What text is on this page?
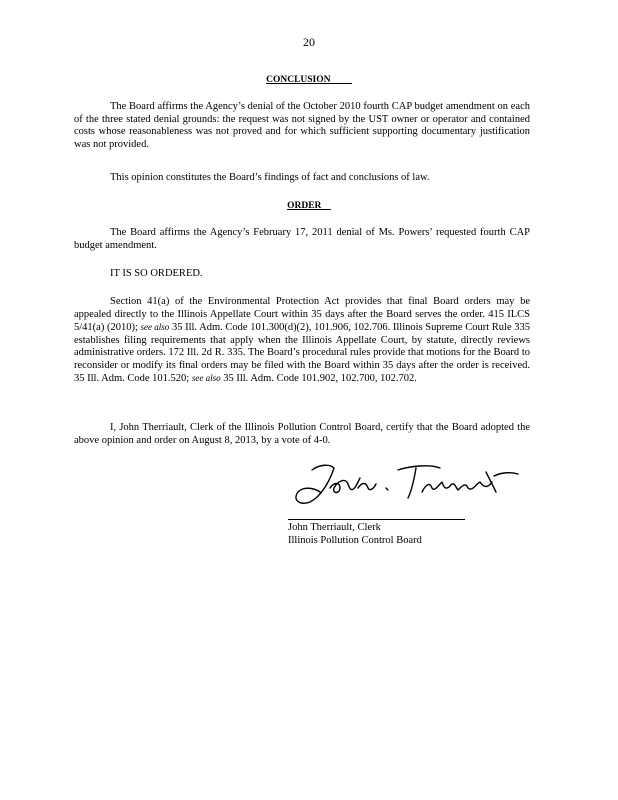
20
CONCLUSION
The Board affirms the Agency’s denial of the October 2010 fourth CAP budget amendment on each of the three stated denial grounds: the request was not signed by the UST owner or operator and contained costs whose reasonableness was not proved and for which sufficient supporting documentary justification was not provided.
This opinion constitutes the Board’s findings of fact and conclusions of law.
ORDER
The Board affirms the Agency’s February 17, 2011 denial of Ms. Powers’ requested fourth CAP budget amendment.
IT IS SO ORDERED.
Section 41(a) of the Environmental Protection Act provides that final Board orders may be appealed directly to the Illinois Appellate Court within 35 days after the Board serves the order. 415 ILCS 5/41(a) (2010); see also 35 Ill. Adm. Code 101.300(d)(2), 101.906, 102.706. Illinois Supreme Court Rule 335 establishes filing requirements that apply when the Illinois Appellate Court, by statute, directly reviews administrative orders. 172 Ill. 2d R. 335. The Board’s procedural rules provide that motions for the Board to reconsider or modify its final orders may be filed with the Board within 35 days after the order is received. 35 Ill. Adm. Code 101.520; see also 35 Ill. Adm. Code 101.902, 102.700, 102.702.
I, John Therriault, Clerk of the Illinois Pollution Control Board, certify that the Board adopted the above opinion and order on August 8, 2013, by a vote of 4-0.
John Therriault, Clerk
Illinois Pollution Control Board
